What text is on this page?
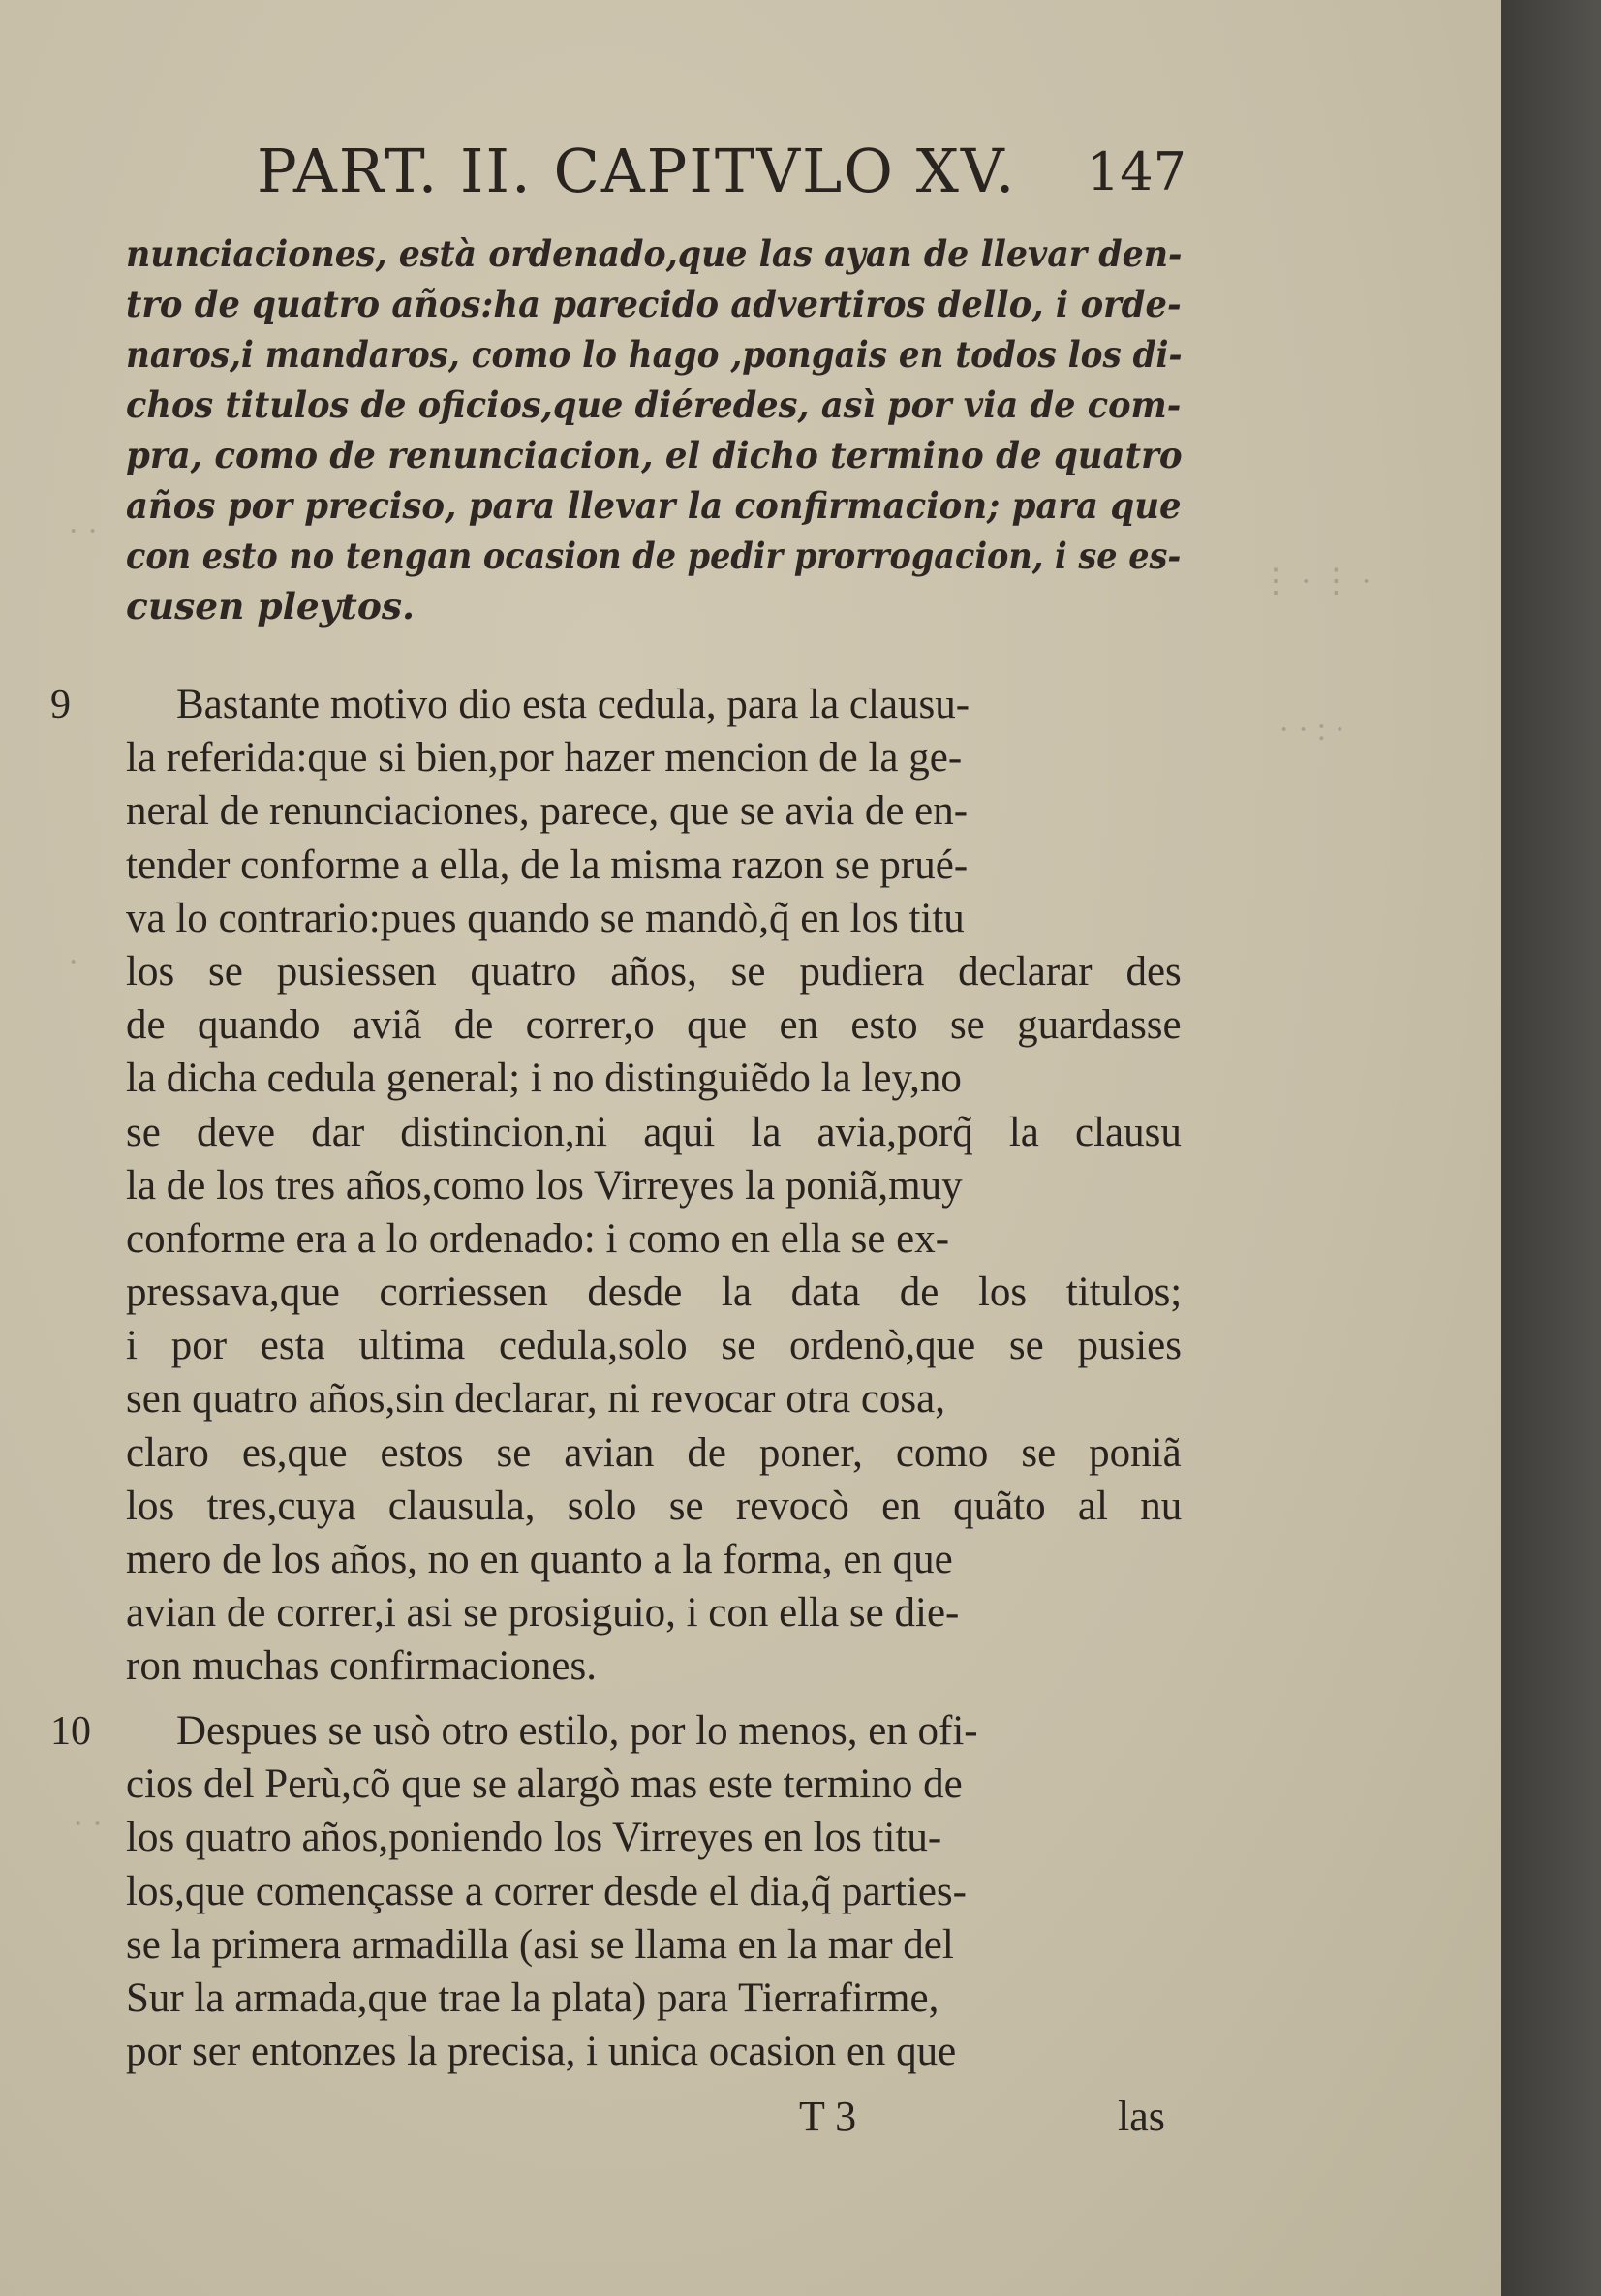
⋮ · ⋮ ·
· · : ·
· ·
·
· ·
PART. II. CAPITVLO XV. 147
nunciaciones, està ordenado,que las ayan de llevar den-
tro de quatro años:ha parecido advertiros dello, i orde-
naros,i mandaros, como lo hago ,pongais en todos los di-
chos titulos de oficios,que diéredes, asì por via de com-
pra, como de renunciacion, el dicho termino de quatro
años por preciso, para llevar la confirmacion; para que
con esto no tengan ocasion de pedir prorrogacion, i se es-
cusen pleytos.
9	Bastante motivo dio esta cedula, para la clausu-
la referida:que si bien,por hazer mencion de la ge-
neral de renunciaciones, parece, que se avia de en-
tender conforme a ella, de la misma razon se prué-
va lo contrario:pues quando se mandò,q̃ en los titu
los se pusiessen quatro años, se pudiera declarar des
de quando aviã de correr,o que en esto se guardasse
la dicha cedula general; i no distinguiẽdo la ley,no
se deve dar distincion,ni aqui la avia,porq̃ la clausu
la de los tres años,como los Virreyes la poniã,muy
conforme era a lo ordenado: i como en ella se ex-
pressava,que corriessen desde la data de los titulos;
i por esta ultima cedula,solo se ordenò,que se pusies
sen quatro años,sin declarar, ni revocar otra cosa,
claro es,que estos se avian de poner, como se poniã
los tres,cuya clausula, solo se revocò en quãto al nu
mero de los años, no en quanto a la forma, en que
avian de correr,i asi se prosiguio, i con ella se die-
ron muchas confirmaciones.
10	Despues se usò otro estilo, por lo menos, en ofi-
cios del Perù,cõ que se alargò mas este termino de
los quatro años,poniendo los Virreyes en los titu-
los,que començasse a correr desde el dia,q̃ parties-
se la primera armadilla (asi se llama en la mar del
Sur la armada,que trae la plata) para Tierrafirme,
por ser entonzes la precisa, i unica ocasion en que
T 3	las
